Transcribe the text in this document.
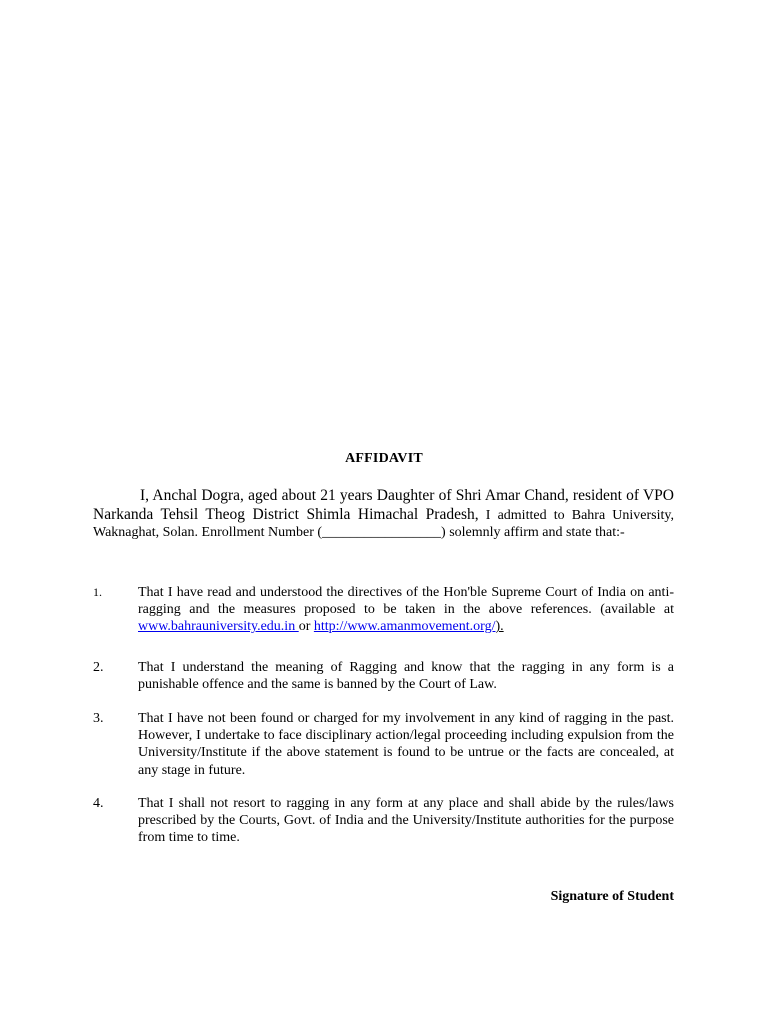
AFFIDAVIT
I, Anchal Dogra, aged about 21 years Daughter of Shri Amar Chand, resident of VPO Narkanda Tehsil Theog District Shimla Himachal Pradesh, I admitted to Bahra University, Waknaghat, Solan. Enrollment Number (_________________) solemnly affirm and state that:-
1.	That I have read and understood the directives of the Hon'ble Supreme Court of India on anti-ragging and the measures proposed to be taken in the above references. (available at www.bahrauniversity.edu.in or http://www.amanmovement.org/).
2. That I understand the meaning of Ragging and know that the ragging in any form is a punishable offence and the same is banned by the Court of Law.
3. That I have not been found or charged for my involvement in any kind of ragging in the past. However, I undertake to face disciplinary action/legal proceeding including expulsion from the University/Institute if the above statement is found to be untrue or the facts are concealed, at any stage in future.
4. That I shall not resort to ragging in any form at any place and shall abide by the rules/laws prescribed by the Courts, Govt. of India and the University/Institute authorities for the purpose from time to time.
Signature of Student
